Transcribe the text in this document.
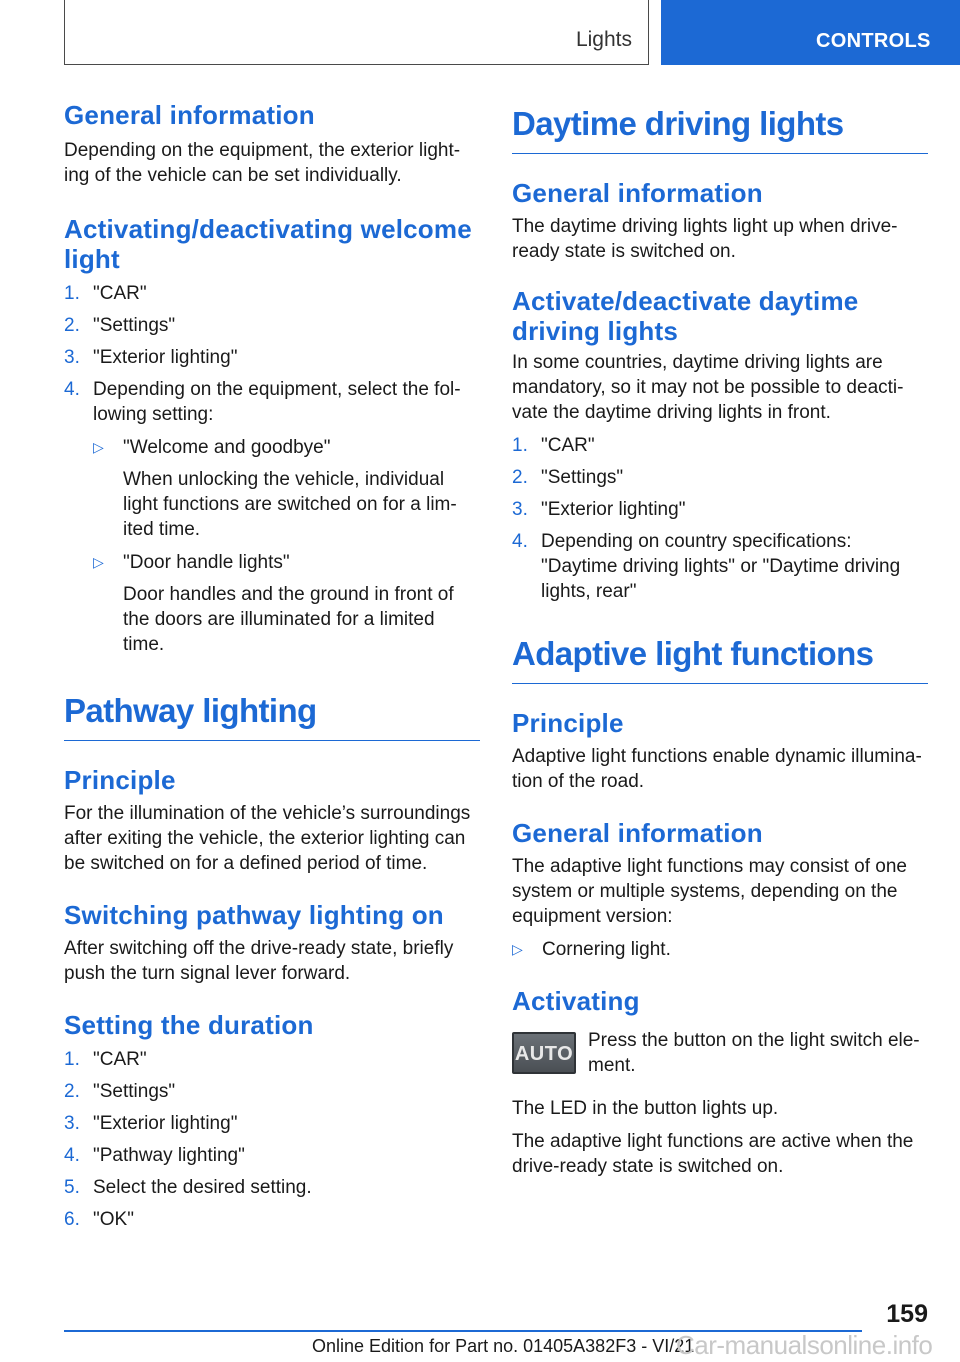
Lights	CONTROLS
General information

Depending on the equipment, the exterior light-ing of the vehicle can be set individually.

Activating/deactivating welcome light
1. "CAR"
2. "Settings"
3. "Exterior lighting"
4. Depending on the equipment, select the fol-lowing setting:
▷ "Welcome and goodbye"

When unlocking the vehicle, individual light functions are switched on for a lim-ited time.

▷ "Door handle lights"

Door handles and the ground in front of the doors are illuminated for a limited time.

Pathway lighting
Principle

For the illumination of the vehicle’s surroundings after exiting the vehicle, the exterior lighting can be switched on for a defined period of time.

Switching pathway lighting on

After switching off the drive-ready state, briefly push the turn signal lever forward.

Setting the duration
1. "CAR"
2. "Settings"
3. "Exterior lighting"
4. "Pathway lighting"
5. Select the desired setting.
6. "OK"
Daytime driving lights
General information

The daytime driving lights light up when drive-ready state is switched on.

Activate/deactivate daytime driving lights

In some countries, daytime driving lights are mandatory, so it may not be possible to deacti-vate the daytime driving lights in front.

1. "CAR"
2. "Settings"
3. "Exterior lighting"
4. Depending on country specifications: "Daytime driving lights" or "Daytime driving lights, rear"
Adaptive light functions
Principle

Adaptive light functions enable dynamic illumina-tion of the road.

General information

The adaptive light functions may consist of one system or multiple systems, depending on the equipment version:

▷ Cornering light.
Activating
AUTO

Press the button on the light switch ele-ment.

The LED in the button lights up.

The adaptive light functions are active when the drive-ready state is switched on.

159
Online Edition for Part no. 01405A382F3 - VI/21
Car-manualsonline.info
